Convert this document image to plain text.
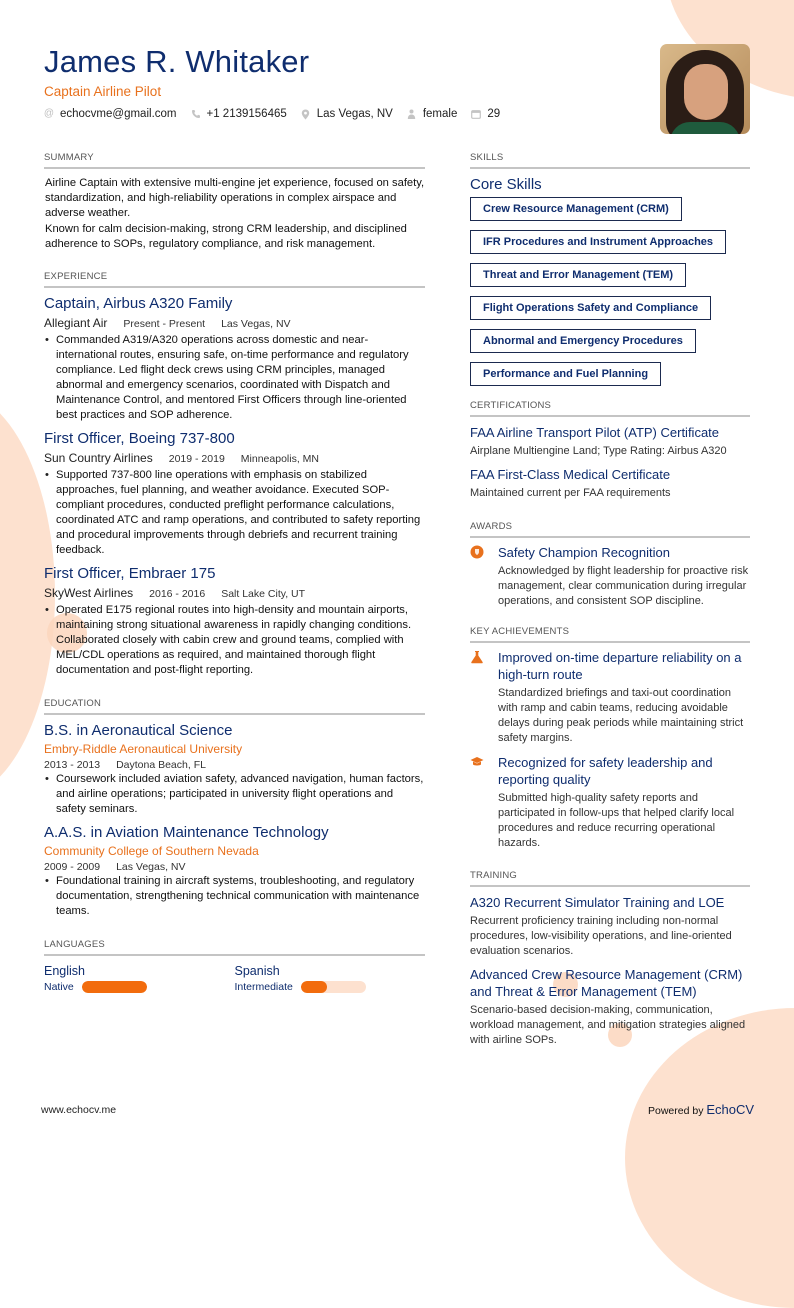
James R. Whitaker
Captain Airline Pilot
@ echocvme@gmail.com	+1 2139156465	Las Vegas, NV	female	29
SUMMARY

Airline Captain with extensive multi-engine jet experience, focused on safety, standardization, and high-reliability operations in complex airspace and adverse weather.

Known for calm decision-making, strong CRM leadership, and disciplined adherence to SOPs, regulatory compliance, and risk management.

EXPERIENCE
Captain, Airbus A320 Family
Allegiant Air Present - Present Las Vegas, NV
• Commanded A319/A320 operations across domestic and near-international routes, ensuring safe, on-time performance and regulatory compliance. Led flight deck crews using CRM principles, managed abnormal and emergency scenarios, coordinated with Dispatch and Maintenance Control, and mentored First Officers through line-oriented best practices and SOP adherence.
First Officer, Boeing 737-800
Sun Country Airlines 2019 - 2019 Minneapolis, MN
• Supported 737-800 line operations with emphasis on stabilized approaches, fuel planning, and weather avoidance. Executed SOP-compliant procedures, conducted preflight performance calculations, coordinated ATC and ramp operations, and contributed to safety reporting and procedural improvements through debriefs and recurrent training feedback.
First Officer, Embraer 175
SkyWest Airlines 2016 - 2016 Salt Lake City, UT
• Operated E175 regional routes into high-density and mountain airports, maintaining strong situational awareness in rapidly changing conditions. Collaborated closely with cabin crew and ground teams, complied with MEL/CDL operations as required, and maintained thorough flight documentation and post-flight reporting.
EDUCATION
B.S. in Aeronautical Science
Embry-Riddle Aeronautical University
2013 - 2013 Daytona Beach, FL
• Coursework included aviation safety, advanced navigation, human factors, and airline operations; participated in university flight operations and safety seminars.
A.A.S. in Aviation Maintenance Technology
Community College of Southern Nevada
2009 - 2009 Las Vegas, NV
• Foundational training in aircraft systems, troubleshooting, and regulatory documentation, strengthening technical communication with maintenance teams.
LANGUAGES
English
Native
Spanish
Intermediate
SKILLS
Core Skills
Crew Resource Management (CRM)
IFR Procedures and Instrument Approaches
Threat and Error Management (TEM)
Flight Operations Safety and Compliance
Abnormal and Emergency Procedures
Performance and Fuel Planning
CERTIFICATIONS
FAA Airline Transport Pilot (ATP) Certificate
Airplane Multiengine Land; Type Rating: Airbus A320
FAA First-Class Medical Certificate
Maintained current per FAA requirements
AWARDS
Safety Champion Recognition
Acknowledged by flight leadership for proactive risk management, clear communication during irregular operations, and consistent SOP discipline.
KEY ACHIEVEMENTS
Improved on-time departure reliability on a high-turn route
Standardized briefings and taxi-out coordination with ramp and cabin teams, reducing avoidable delays during peak periods while maintaining strict safety margins.
Recognized for safety leadership and reporting quality
Submitted high-quality safety reports and participated in follow-ups that helped clarify local procedures and reduce recurring operational hazards.
TRAINING
A320 Recurrent Simulator Training and LOE
Recurrent proficiency training including non-normal procedures, low-visibility operations, and line-oriented evaluation scenarios.
Advanced Crew Resource Management (CRM) and Threat & Error Management (TEM)
Scenario-based decision-making, communication, workload management, and mitigation strategies aligned with airline SOPs.
www.echocv.me	Powered by EchoCV
